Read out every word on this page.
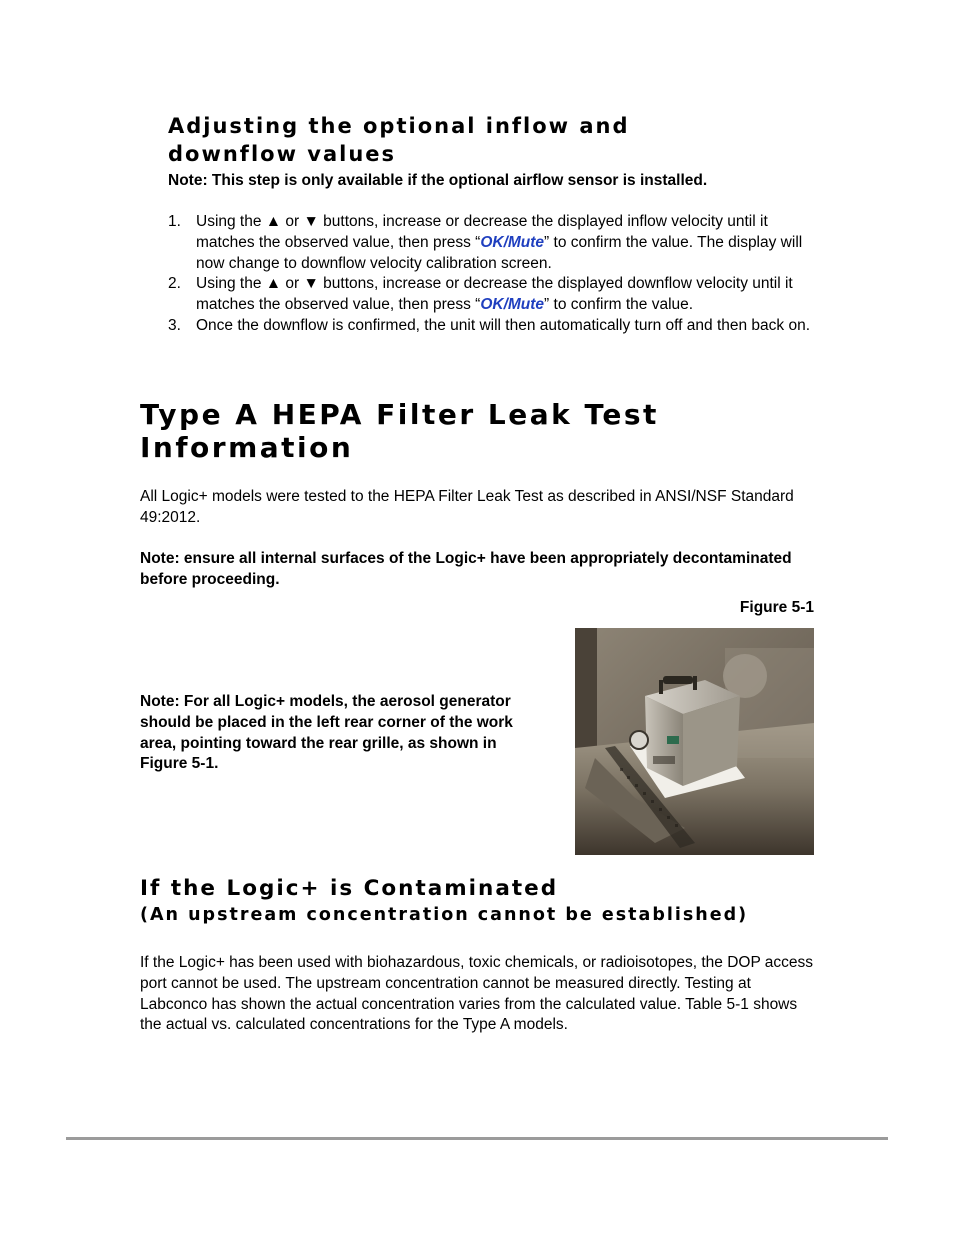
Adjusting the optional inflow and downflow values
Note: This step is only available if the optional airflow sensor is installed.
1. Using the ▲ or ▼ buttons, increase or decrease the displayed inflow velocity until it matches the observed value, then press “OK/Mute” to confirm the value. The display will now change to downflow velocity calibration screen.
2. Using the ▲ or ▼ buttons, increase or decrease the displayed downflow velocity until it matches the observed value, then press “OK/Mute” to confirm the value.
3. Once the downflow is confirmed, the unit will then automatically turn off and then back on.
Type A HEPA Filter Leak Test Information

All Logic+ models were tested to the HEPA Filter Leak Test as described in ANSI/NSF Standard 49:2012.

Note: ensure all internal surfaces of the Logic+ have been appropriately decontaminated before proceeding.

Figure 5-1

Note: For all Logic+ models, the aerosol generator should be placed in the left rear corner of the work area, pointing toward the rear grille, as shown in Figure 5-1.

If the Logic+ is Contaminated
(An upstream concentration cannot be established)

If the Logic+ has been used with biohazardous, toxic chemicals, or radioisotopes, the DOP access port cannot be used. The upstream concentration cannot be measured directly. Testing at Labconco has shown the actual concentration varies from the calculated value. Table 5-1 shows the actual vs. calculated concentrations for the Type A models.
